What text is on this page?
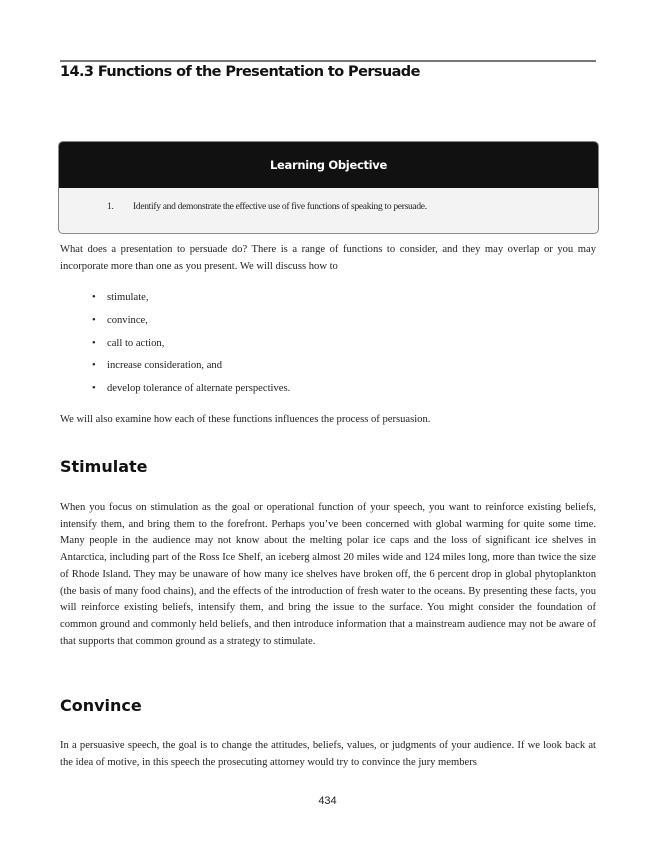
14.3 Functions of the Presentation to Persuade
Learning Objective
1. Identify and demonstrate the effective use of five functions of speaking to persuade.
What does a presentation to persuade do? There is a range of functions to consider, and they may overlap or you may incorporate more than one as you present. We will discuss how to
• stimulate,
• convince,
• call to action,
• increase consideration, and
• develop tolerance of alternate perspectives.
We will also examine how each of these functions influences the process of persuasion.
Stimulate
When you focus on stimulation as the goal or operational function of your speech, you want to reinforce existing beliefs, intensify them, and bring them to the forefront. Perhaps you’ve been concerned with global warming for quite some time. Many people in the audience may not know about the melting polar ice caps and the loss of significant ice shelves in Antarctica, including part of the Ross Ice Shelf, an iceberg almost 20 miles wide and 124 miles long, more than twice the size of Rhode Island. They may be unaware of how many ice shelves have broken off, the 6 percent drop in global phytoplankton (the basis of many food chains), and the effects of the introduction of fresh water to the oceans. By presenting these facts, you will reinforce existing beliefs, intensify them, and bring the issue to the surface. You might consider the foundation of common ground and commonly held beliefs, and then introduce information that a mainstream audience may not be aware of that supports that common ground as a strategy to stimulate.
Convince
In a persuasive speech, the goal is to change the attitudes, beliefs, values, or judgments of your audience. If we look back at the idea of motive, in this speech the prosecuting attorney would try to convince the jury members
434
